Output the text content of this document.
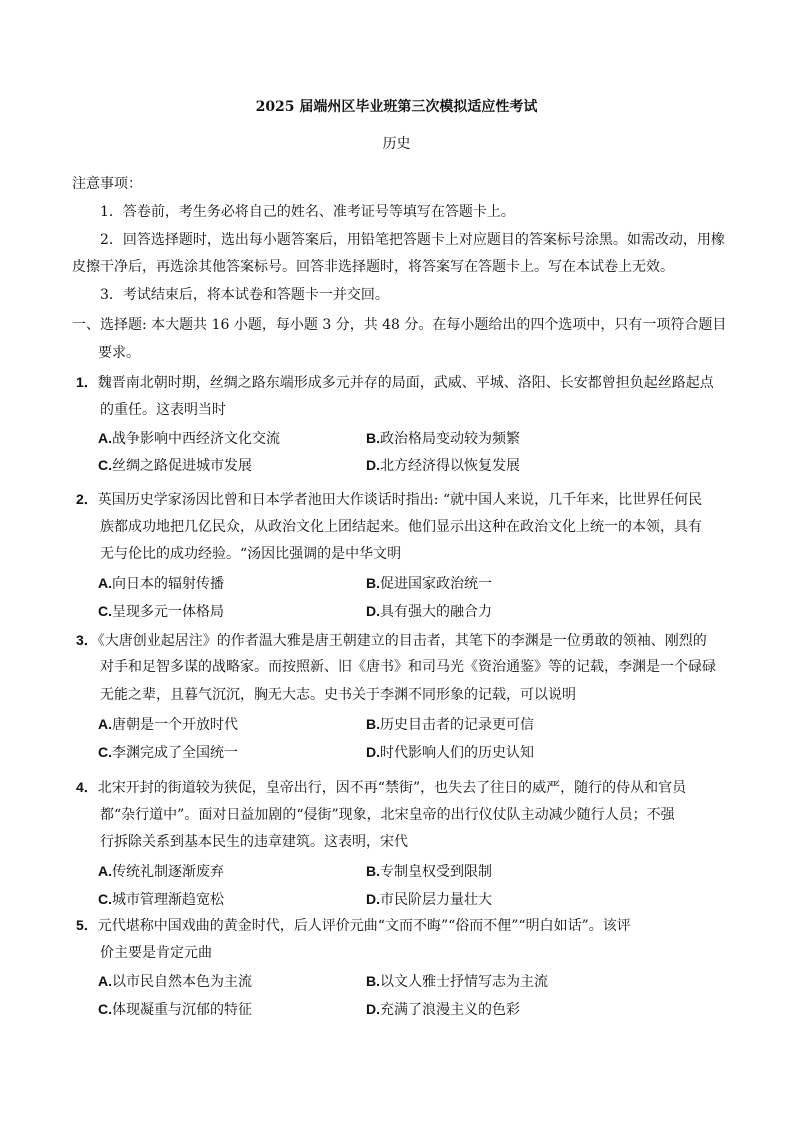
2025 届端州区毕业班第三次模拟适应性考试
历史
注意事项：
1．答卷前，考生务必将自己的姓名、准考证号等填写在答题卡上。
2．回答选择题时，选出每小题答案后，用铅笔把答题卡上对应题目的答案标号涂黑。如需改动，用橡
皮擦干净后，再选涂其他答案标号。回答非选择题时，将答案写在答题卡上。写在本试卷上无效。
3．考试结束后，将本试卷和答题卡一并交回。
一、选择题: 本大题共 16 小题，每小题 3 分，共 48 分。在每小题给出的四个选项中，只有一项符合题目
要求。
1．魏晋南北朝时期，丝绸之路东端形成多元并存的局面，武威、平城、洛阳、长安都曾担负起丝路起点
的重任。这表明当时
A.战争影响中西经济文化交流	B.政治格局变动较为频繁
C.丝绸之路促进城市发展	D.北方经济得以恢复发展
2．英国历史学家汤因比曾和日本学者池田大作谈话时指出: “就中国人来说，几千年来，比世界任何民
族都成功地把几亿民众，从政治文化上团结起来。他们显示出这种在政治文化上统一的本领，具有
无与伦比的成功经验。“汤因比强调的是中华文明
A.向日本的辐射传播	B.促进国家政治统一
C.呈现多元一体格局	D.具有强大的融合力
3．《大唐创业起居注》的作者温大雅是唐王朝建立的目击者，其笔下的李渊是一位勇敢的领袖、刚烈的
对手和足智多谋的战略家。而按照新、旧《唐书》和司马光《资治通鉴》等的记载，李渊是一个碌碌
无能之辈，且暮气沉沉，胸无大志。史书关于李渊不同形象的记载，可以说明
A.唐朝是一个开放时代	B.历史目击者的记录更可信
C.李渊完成了全国统一	D.时代影响人们的历史认知
4．北宋开封的街道较为狭促，皇帝出行，因不再“禁街”，也失去了往日的威严，随行的侍从和官员
都“杂行道中”。面对日益加剧的“侵街”现象，北宋皇帝的出行仪仗队主动减少随行人员；不强
行拆除关系到基本民生的违章建筑。这表明，宋代
A.传统礼制逐渐废弃	B.专制皇权受到限制
C.城市管理渐趋宽松	D.市民阶层力量壮大
5．元代堪称中国戏曲的黄金时代，后人评价元曲“文而不晦”“俗而不俚”“明白如话”。该评
价主要是肯定元曲
A.以市民自然本色为主流	B.以文人雅士抒情写志为主流
C.体现凝重与沉郁的特征	D.充满了浪漫主义的色彩
